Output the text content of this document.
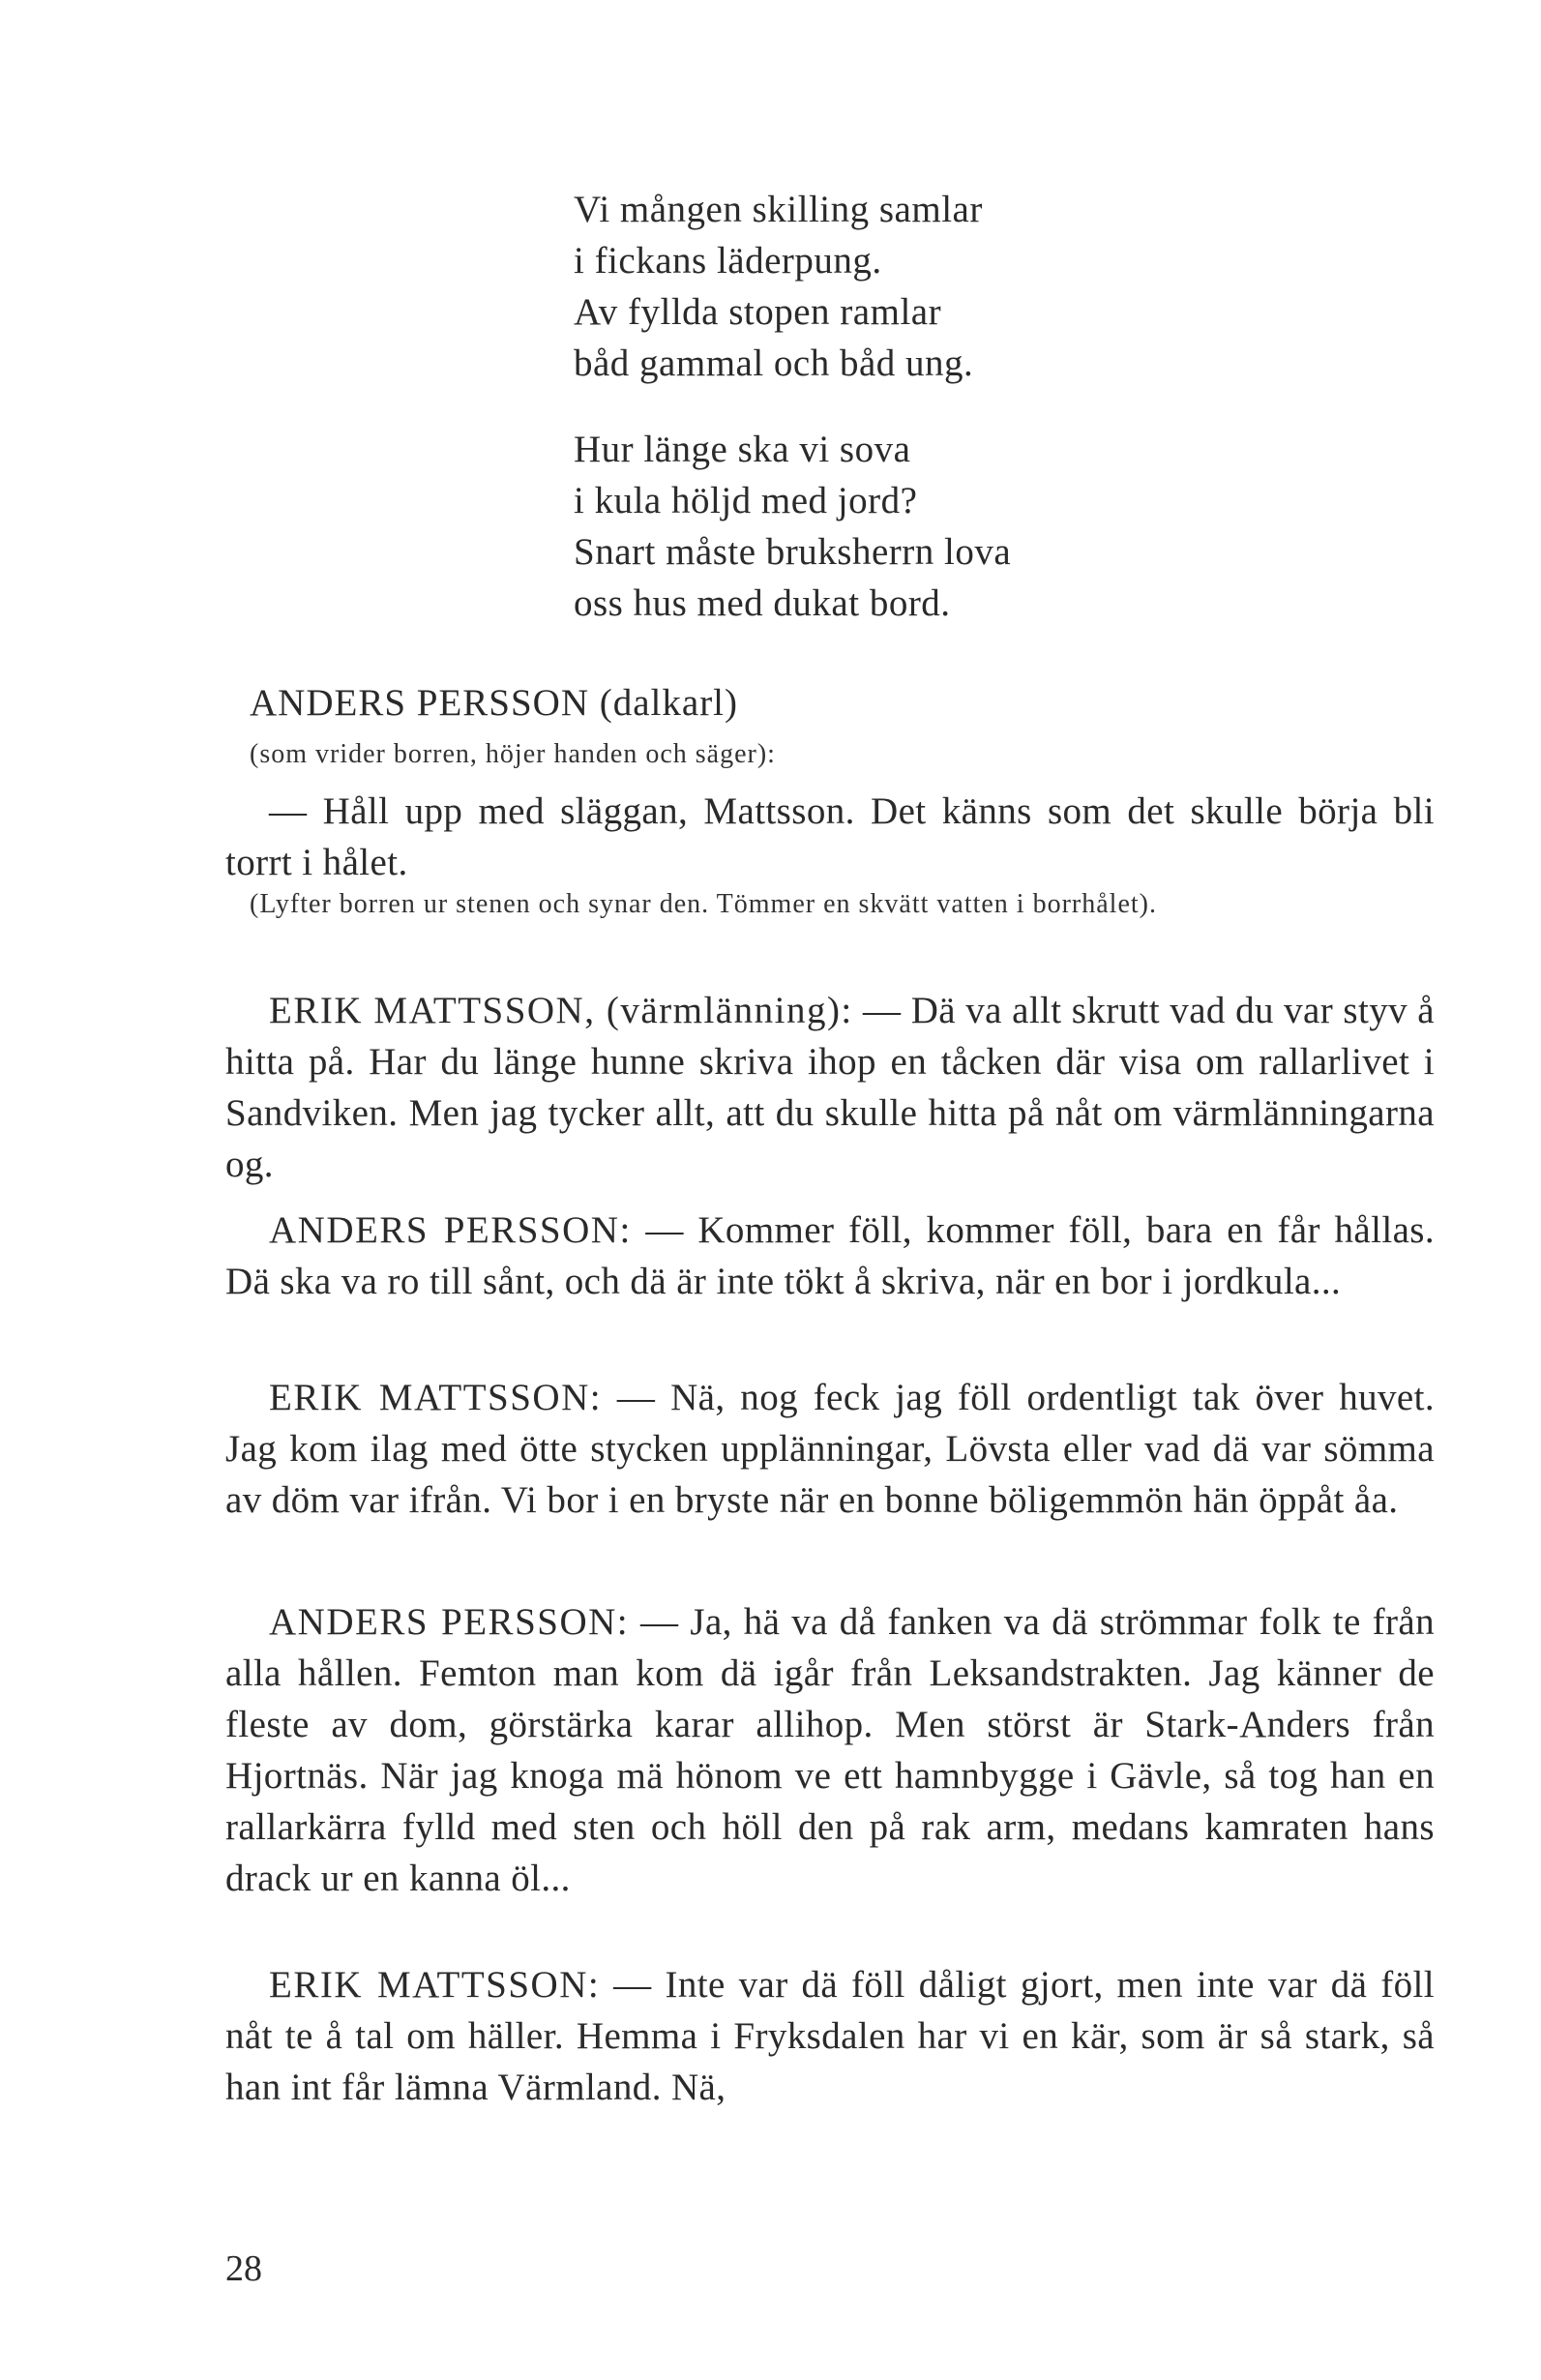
Vi mången skilling samlar
i fickans läderpung.
Av fyllda stopen ramlar
båd gammal och båd ung.
Hur länge ska vi sova
i kula höljd med jord?
Snart måste bruksherrn lova
oss hus med dukat bord.
ANDERS PERSSON (dalkarl)
(som vrider borren, höjer handen och säger):
— Håll upp med släggan, Mattsson. Det känns som det skulle börja bli torrt i hålet.
(Lyfter borren ur stenen och synar den. Tömmer en skvätt vatten i borrhålet).
ERIK MATTSSON, (värmlänning): — Dä va allt skrutt vad du var styv å hitta på. Har du länge hunne skriva ihop en tåcken där visa om rallarlivet i Sandviken. Men jag tycker allt, att du skulle hitta på nåt om värmlänningarna og.
ANDERS PERSSON: — Kommer föll, kommer föll, bara en får hållas. Dä ska va ro till sånt, och dä är inte tökt å skriva, när en bor i jordkula...
ERIK MATTSSON: — Nä, nog feck jag föll ordentligt tak över huvet. Jag kom ilag med ötte stycken upplänningar, Lövsta eller vad dä var sömma av döm var ifrån. Vi bor i en bryste när en bonne böligemmön hän öppåt åa.
ANDERS PERSSON: — Ja, hä va då fanken va dä strömmar folk te från alla hållen. Femton man kom dä igår från Leksandstrakten. Jag känner de fleste av dom, görstärka karar allihop. Men störst är Stark-Anders från Hjortnäs. När jag knoga mä hönom ve ett hamnbygge i Gävle, så tog han en rallarkärra fylld med sten och höll den på rak arm, medans kamraten hans drack ur en kanna öl...
ERIK MATTSSON: — Inte var dä föll dåligt gjort, men inte var dä föll nåt te å tal om häller. Hemma i Fryksdalen har vi en kär, som är så stark, så han int får lämna Värmland. Nä,
28
